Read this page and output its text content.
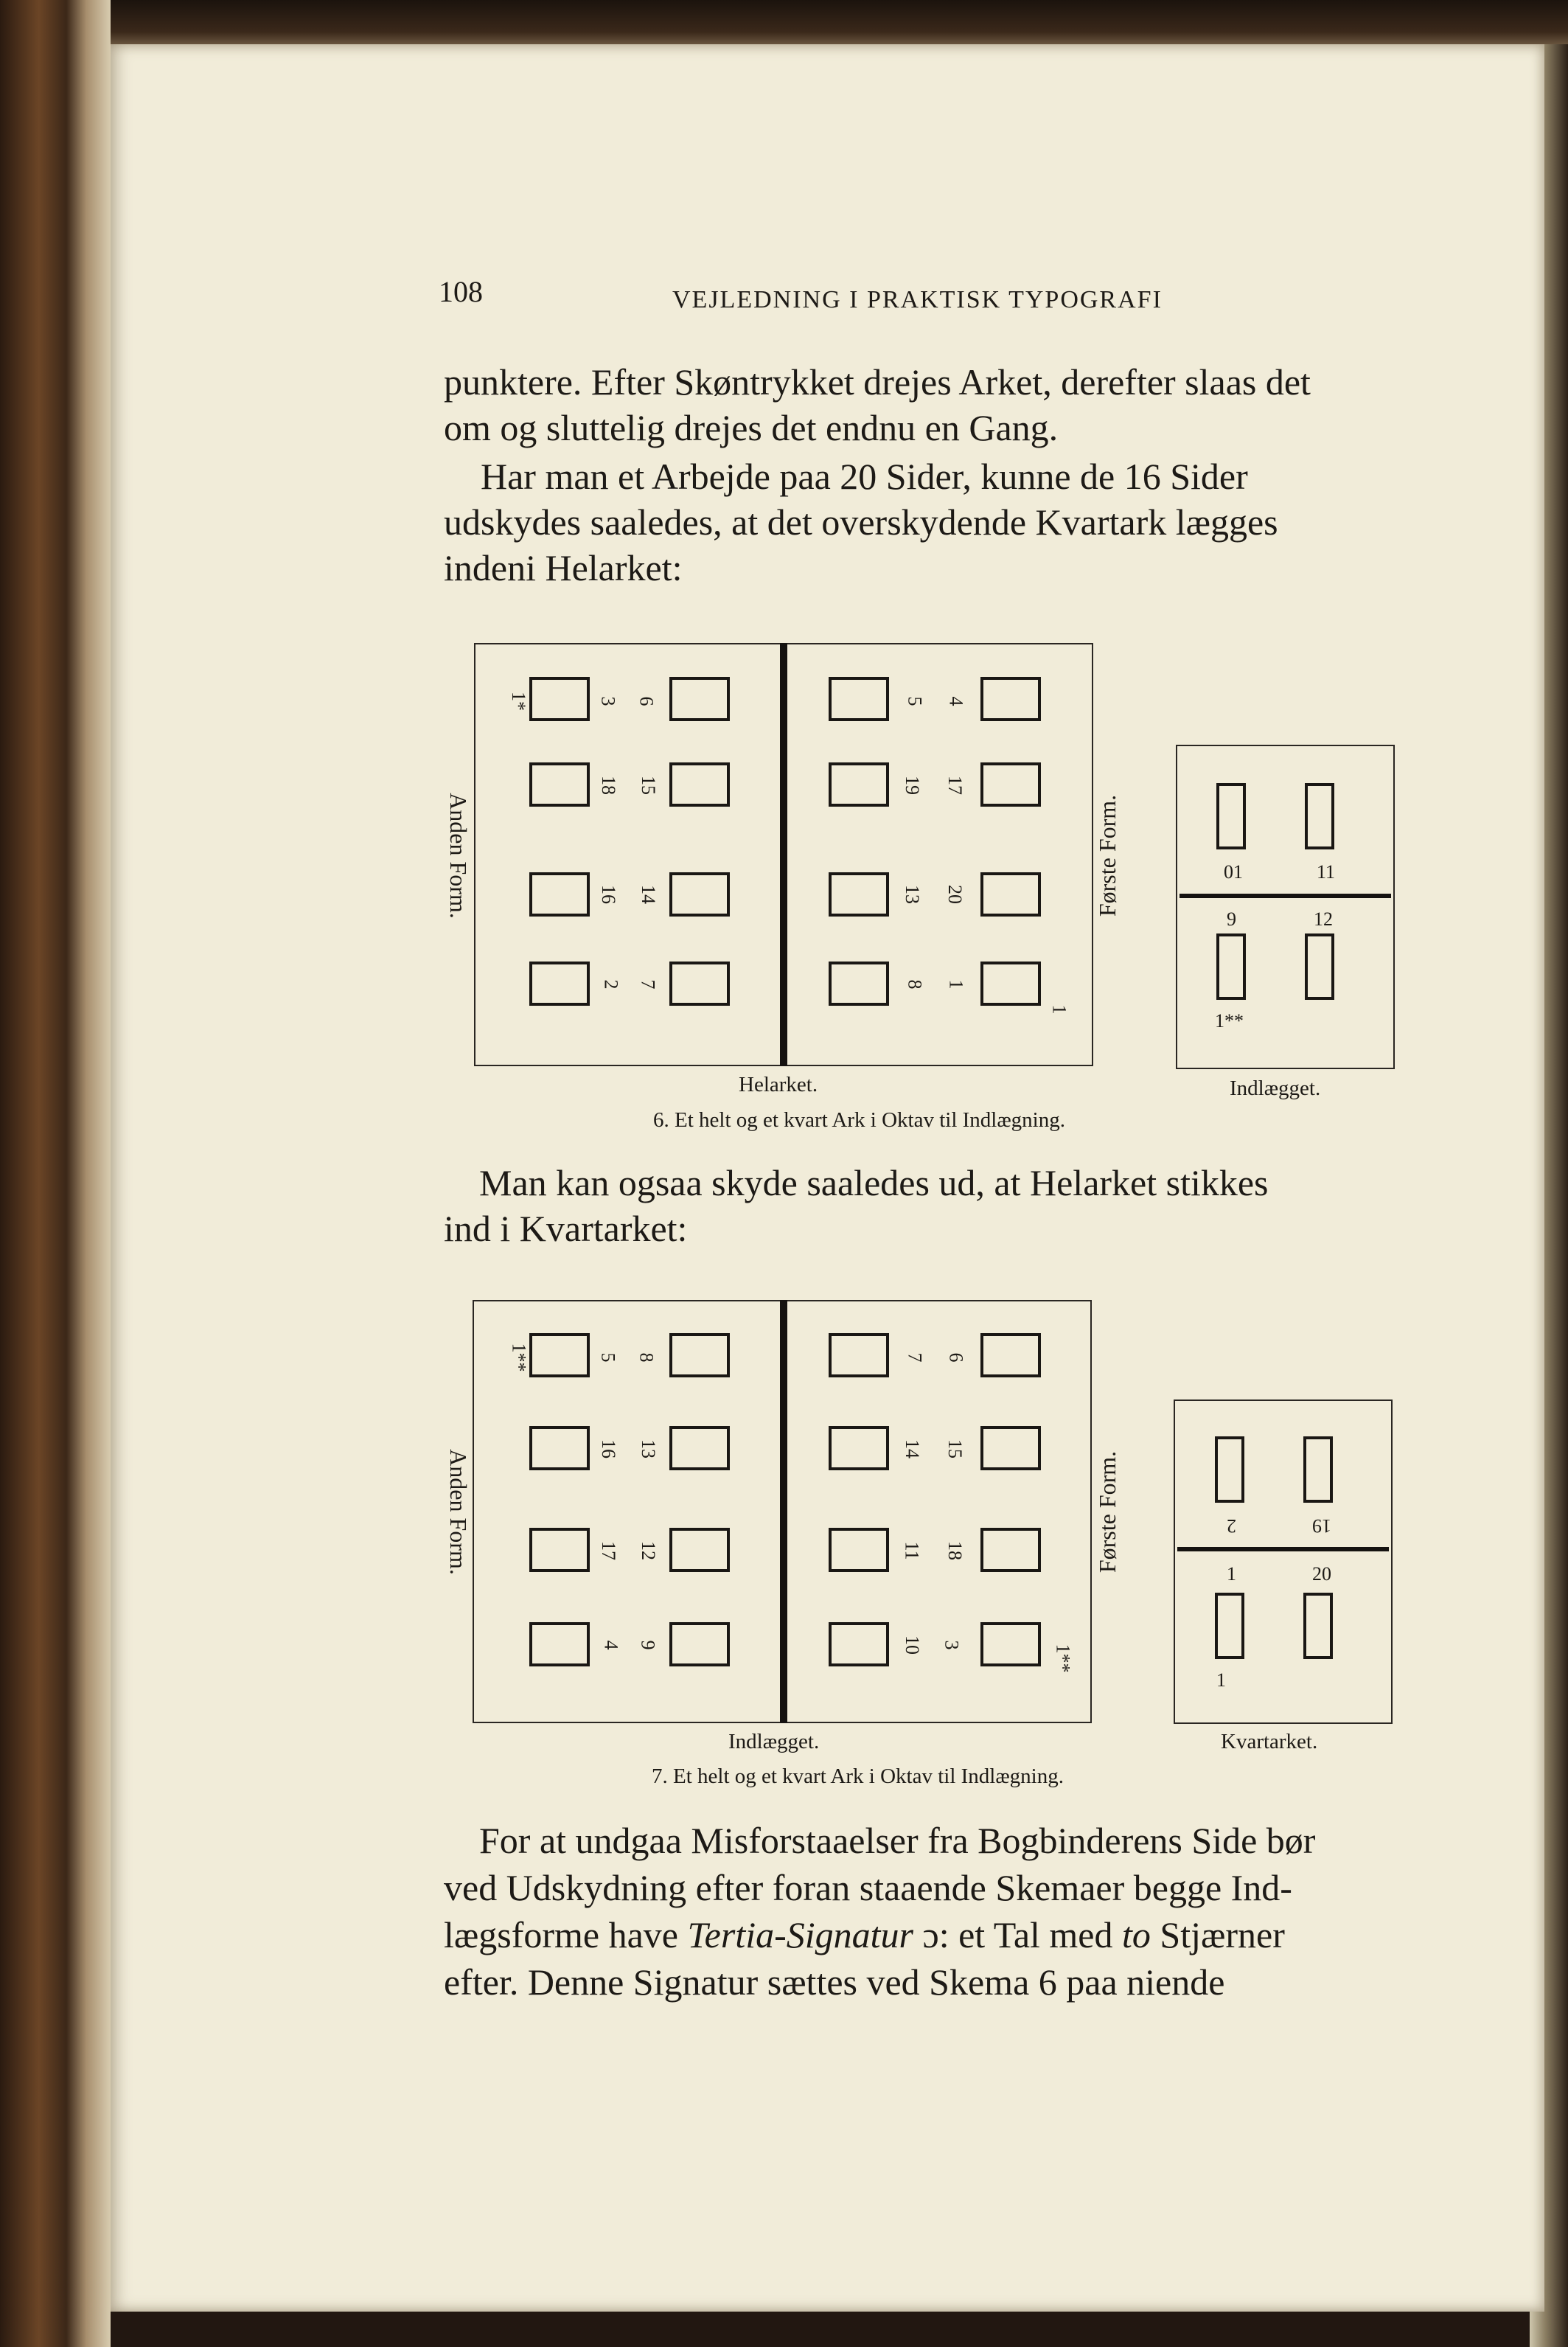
108	VEJLEDNING I PRAKTISK TYPOGRAFI
punktere. Efter Skøntrykket drejes Arket, derefter slaas det
om og sluttelig drejes det endnu en Gang.
Har man et Arbejde paa 20 Sider, kunne de 16 Sider
udskydes saaledes, at det overskydende Kvartark lægges
indeni Helarket:
Anden Form.	Første Form.
1*	3 6
18 15
16 14
2 7
5 4
19 17
13 20
8 1
1
01	11
9	12
1**
Helarket.	Indlægget.
6. Et helt og et kvart Ark i Oktav til Indlægning.
Man kan ogsaa skyde saaledes ud, at Helarket stikkes
ind i Kvartarket:
Anden Form.	Første Form.
1**	5 8
16 13
17 12
4 9
7 6
14 15
11 18
10 3	1**
2	19
1	20
1
Indlægget.	Kvartarket.
7. Et helt og et kvart Ark i Oktav til Indlægning.
For at undgaa Misforstaaelser fra Bogbinderens Side bør
ved Udskydning efter foran staaende Skemaer begge Ind-
lægsforme have Tertia-Signatur ɔ: et Tal med to Stjærner
efter. Denne Signatur sættes ved Skema 6 paa niende
